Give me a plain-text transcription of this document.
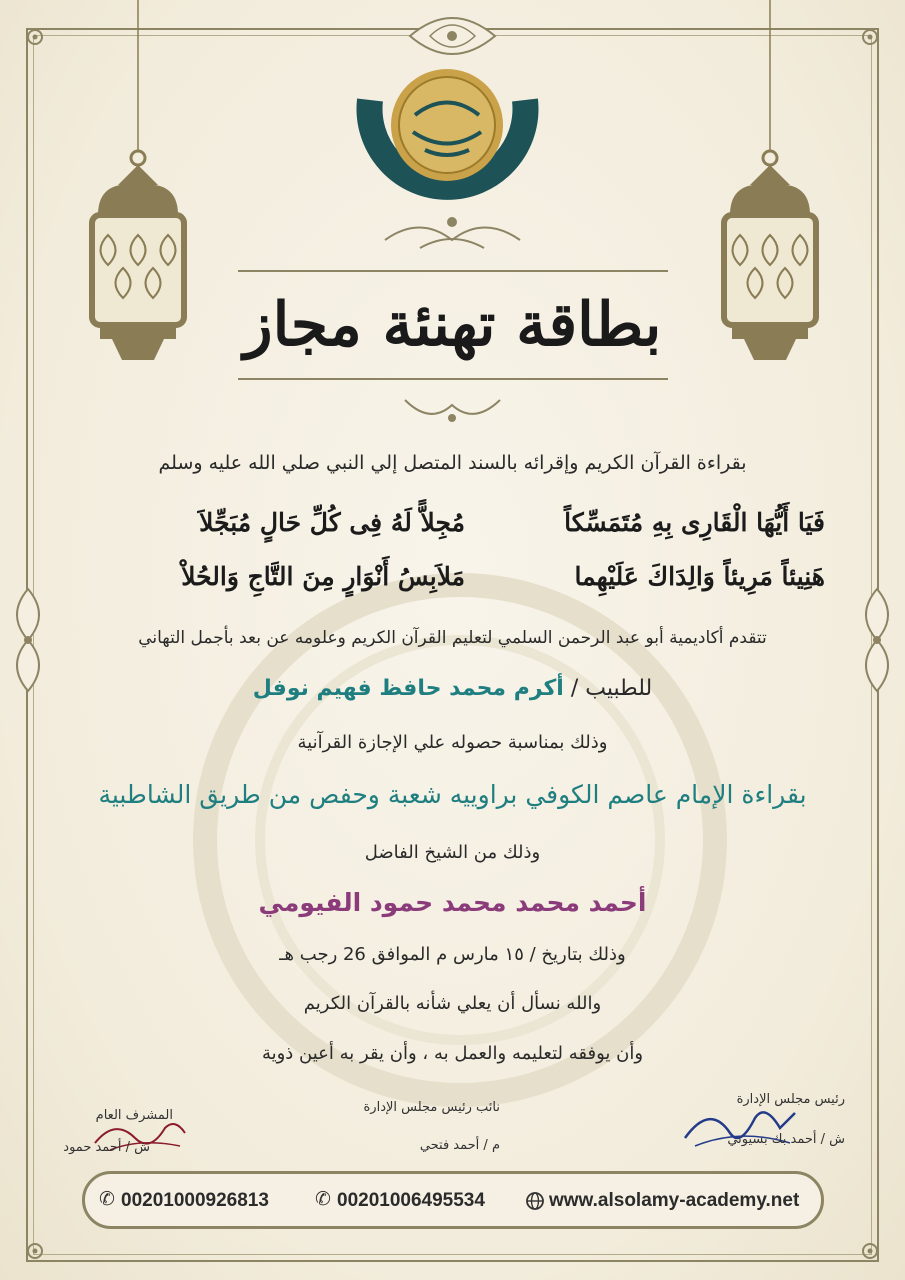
بطاقة تهنئة مجاز
بقراءة القرآن الكريم وإقرائه بالسند المتصل إلي النبي صلي الله عليه وسلم
مُجِلاًّ لَهُ فِى كُلِّ حَالٍ مُبَجِّلاَ	فَيَا أَيُّهَا الْقَارِى بِهِ مُتَمَسِّكاً
مَلاَبِسُ أَنْوَارٍ مِنَ التَّاجِ وَالحُلاْ	هَنِيئاً مَرِيئاً وَالِدَاكَ عَلَيْهِما
تتقدم أكاديمية أبو عبد الرحمن السلمي لتعليم القرآن الكريم وعلومه عن بعد بأجمل التهاني
للطبيب / أكرم محمد حافظ فهيم نوفل
وذلك بمناسبة حصوله علي الإجازة القرآنية
بقراءة الإمام عاصم الكوفي براوييه شعبة وحفص من طريق الشاطبية
وذلك من الشيخ الفاضل
أحمد محمد محمد حمود الفيومي
وذلك بتاريخ / ١٥ مارس م الموافق 26 رجب هـ
والله نسأل أن يعلي شأنه بالقرآن الكريم
وأن يوفقه لتعليمه والعمل به ، وأن يقر به أعين ذوية
رئيس مجلس الإدارة
ش / أحمد بك بسيوني
نائب رئيس مجلس الإدارة
م / أحمد فتحي
المشرف العام
ش / أحمد حمود
✆ 00201000926813 ✆ 00201006495534	www.alsolamy-academy.net
